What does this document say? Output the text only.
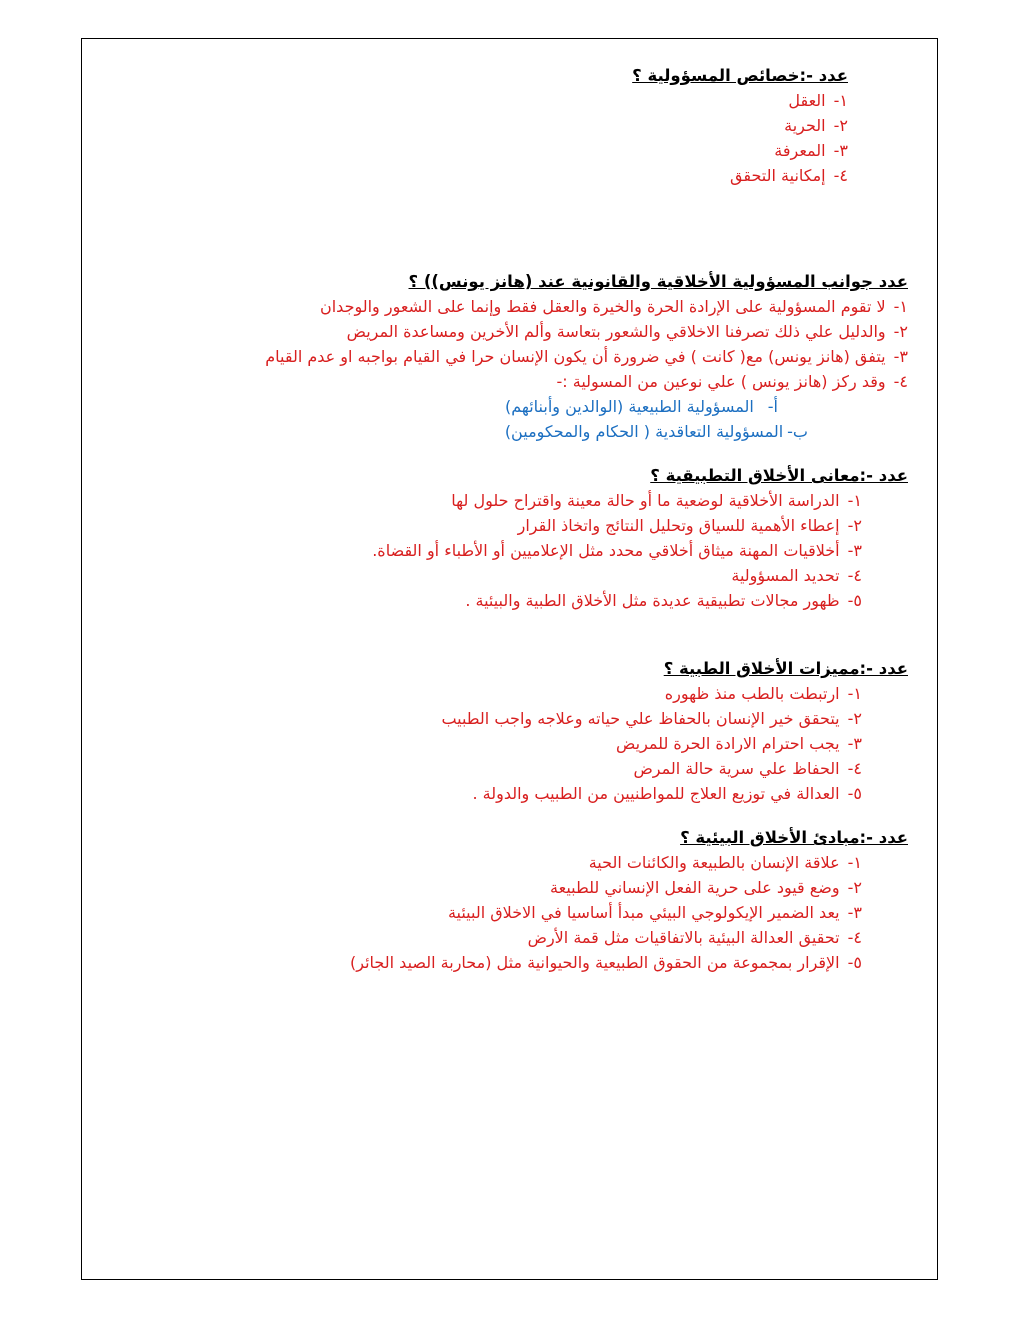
عدد -:خصائص المسؤولية ؟
١-العقل
٢-الحرية
٣-المعرفة
٤-إمكانية التحقق
عدد جوانب المسؤولية الأخلاقية والقانونية عند (هانز يونس)) ؟
١-لا تقوم المسؤولية على الإرادة الحرة والخيرة والعقل فقط وإنما على الشعور والوجدان
٢-والدليل علي ذلك تصرفنا الاخلاقي والشعور بتعاسة وألم الأخرين ومساعدة المريض
٣-يتفق (هانز يونس) مع( كانت ) في ضرورة أن يكون الإنسان حرا في القيام بواجبه او عدم القيام
٤-وقد ركز (هانز يونس ) علي نوعين من المسولية :-
أ-المسؤولية الطبيعية (الوالدين وأبنائهم)
ب-المسؤولية التعاقدية ( الحكام والمحكومين)
عدد -:معانى الأخلاق التطبيقية ؟
١-الدراسة الأخلاقية لوضعية ما أو حالة معينة واقتراح حلول لها
٢-إعطاء الأهمية للسياق وتحليل النتائج واتخاذ القرار
٣-أخلاقيات المهنة ميثاق أخلاقي محدد مثل الإعلاميين أو الأطباء أو القضاة.
٤-تحديد المسؤولية
٥-ظهور مجالات تطبيقية عديدة مثل الأخلاق الطبية والبيئية .
عدد -:مميزات الأخلاق الطبية ؟
١-ارتبطت بالطب منذ ظهوره
٢-يتحقق خير الإنسان بالحفاظ علي حياته وعلاجه واجب الطبيب
٣-يجب احترام الارادة الحرة للمريض
٤-الحفاظ علي سرية حالة المرض
٥-العدالة في توزيع العلاج للمواطنيين من الطبيب والدولة .
عدد -:مبادئ الأخلاق البيئية ؟
١-علاقة الإنسان بالطبيعة والكائنات الحية
٢-وضع قيود على حرية الفعل الإنساني للطبيعة
٣-يعد الضمير الإيكولوجي البيئي مبدأ أساسيا في الاخلاق البيئية
٤-تحقيق العدالة البيئية بالاتفاقيات مثل قمة الأرض
٥-الإقرار بمجموعة من الحقوق الطبيعية والحيوانية مثل (محاربة الصيد الجائر)
